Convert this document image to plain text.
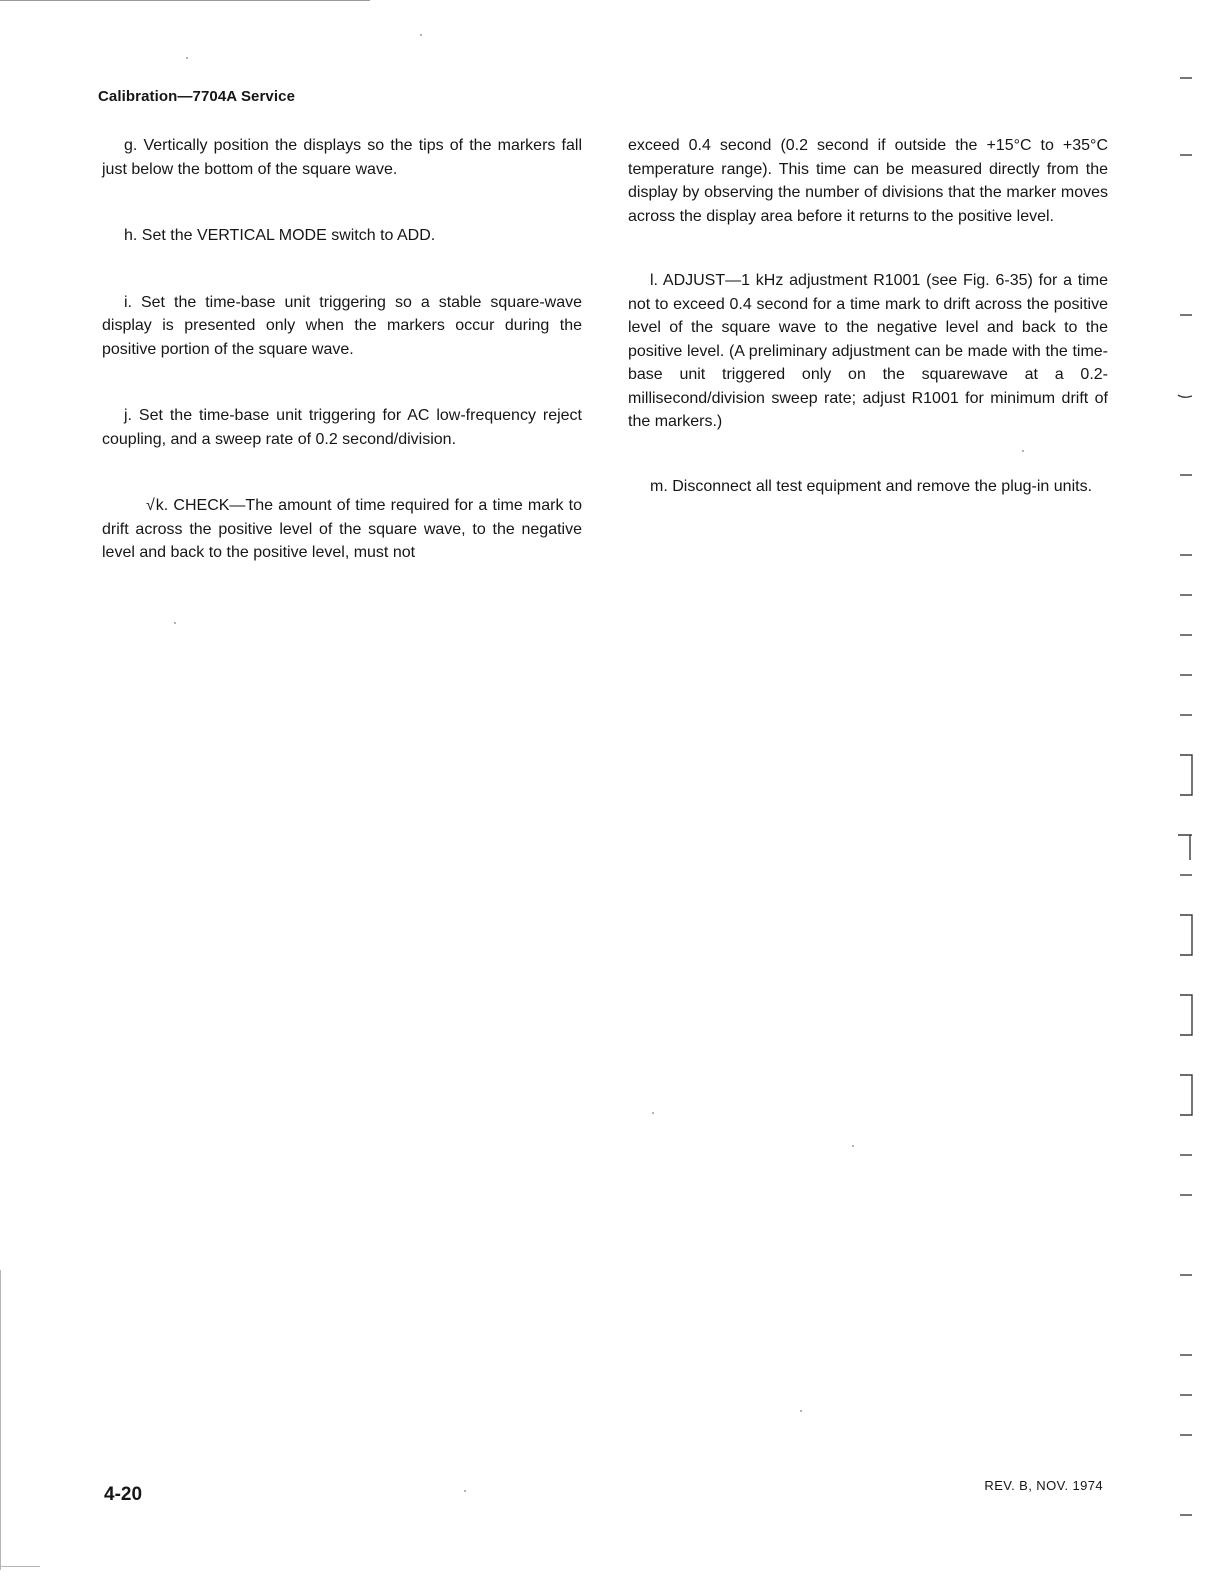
Calibration—7704A Service

g. Vertically position the displays so the tips of the markers fall just below the bottom of the square wave.

h. Set the VERTICAL MODE switch to ADD.

i. Set the time-base unit triggering so a stable square-wave display is presented only when the markers occur during the positive portion of the square wave.

j. Set the time-base unit triggering for AC low-frequency reject coupling, and a sweep rate of 0.2 second/division.

√k. CHECK—The amount of time required for a time mark to drift across the positive level of the square wave, to the negative level and back to the positive level, must not

exceed 0.4 second (0.2 second if outside the +15°C to +35°C temperature range). This time can be measured directly from the display by observing the number of divisions that the marker moves across the display area before it returns to the positive level.

l. ADJUST—1 kHz adjustment R1001 (see Fig. 6-35) for a time not to exceed 0.4 second for a time mark to drift across the positive level of the square wave to the negative level and back to the positive level. (A preliminary adjustment can be made with the time-base unit triggered only on the squarewave at a 0.2-millisecond/division sweep rate; adjust R1001 for minimum drift of the markers.)

m. Disconnect all test equipment and remove the plug-in units.

4-20	REV. B, NOV. 1974
